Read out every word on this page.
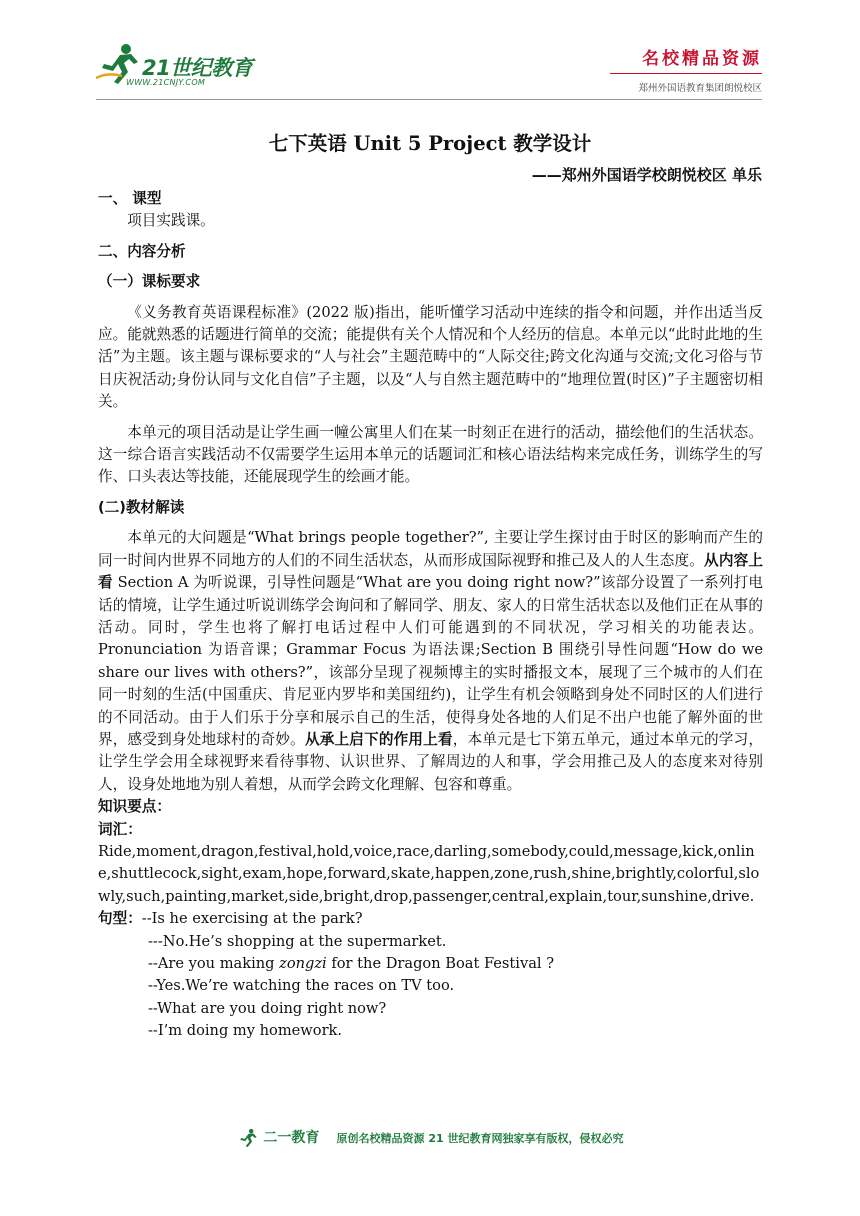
21世纪教育
WWW.21CNJY.COM
名校精品资源
郑州外国语教育集团朗悦校区
七下英语 Unit 5 Project 教学设计
——郑州外国语学校朗悦校区 单乐
一、 课型
项目实践课。
二、内容分析
（一）课标要求
《义务教育英语课程标准》(2022 版)指出，能听懂学习活动中连续的指令和问题，并作出适当反应。能就熟悉的话题进行简单的交流；能提供有关个人情况和个人经历的信息。本单元以“此时此地的生活”为主题。该主题与课标要求的“人与社会”主题范畴中的“人际交往;跨文化沟通与交流;文化习俗与节日庆祝活动;身份认同与文化自信”子主题，以及“人与自然主题范畴中的“地理位置(时区)”子主题密切相关。
本单元的项目活动是让学生画一幢公寓里人们在某一时刻正在进行的活动，描绘他们的生活状态。这一综合语言实践活动不仅需要学生运用本单元的话题词汇和核心语法结构来完成任务，训练学生的写作、口头表达等技能，还能展现学生的绘画才能。
(二)教材解读
本单元的大问题是“What brings people together?”, 主要让学生探讨由于时区的影响而产生的同一时间内世界不同地方的人们的不同生活状态，从而形成国际视野和推己及人的人生态度。从内容上看 Section A 为听说课，引导性问题是“What are you doing right now?”该部分设置了一系列打电话的情境，让学生通过听说训练学会询问和了解同学、朋友、家人的日常生活状态以及他们正在从事的活动。同时，学生也将了解打电话过程中人们可能遇到的不同状况，学习相关的功能表达。Pronunciation 为语音课；Grammar Focus 为语法课;Section B 围绕引导性问题“How do we share our lives with others?”，该部分呈现了视频博主的实时播报文本，展现了三个城市的人们在同一时刻的生活(中国重庆、肯尼亚内罗毕和美国纽约)，让学生有机会领略到身处不同时区的人们进行的不同活动。由于人们乐于分享和展示自己的生活，使得身处各地的人们足不出户也能了解外面的世界，感受到身处地球村的奇妙。从承上启下的作用上看，本单元是七下第五单元，通过本单元的学习，让学生学会用全球视野来看待事物、认识世界、了解周边的人和事，学会用推己及人的态度来对待别人，设身处地地为别人着想，从而学会跨文化理解、包容和尊重。
知识要点：
词汇：
Ride,moment,dragon,festival,hold,voice,race,darling,somebody,could,message,kick,online,shuttlecock,sight,exam,hope,forward,skate,happen,zone,rush,shine,brightly,colorful,slowly,such,painting,market,side,bright,drop,passenger,central,explain,tour,sunshine,drive.
句型：--Is he exercising at the park?
---No.He’s shopping at the supermarket.
--Are you making zongzi for the Dragon Boat Festival ?
--Yes.We’re watching the races on TV too.
--What are you doing right now?
--I’m doing my homework.
二一教育 原创名校精品资源 21 世纪教育网独家享有版权，侵权必究
